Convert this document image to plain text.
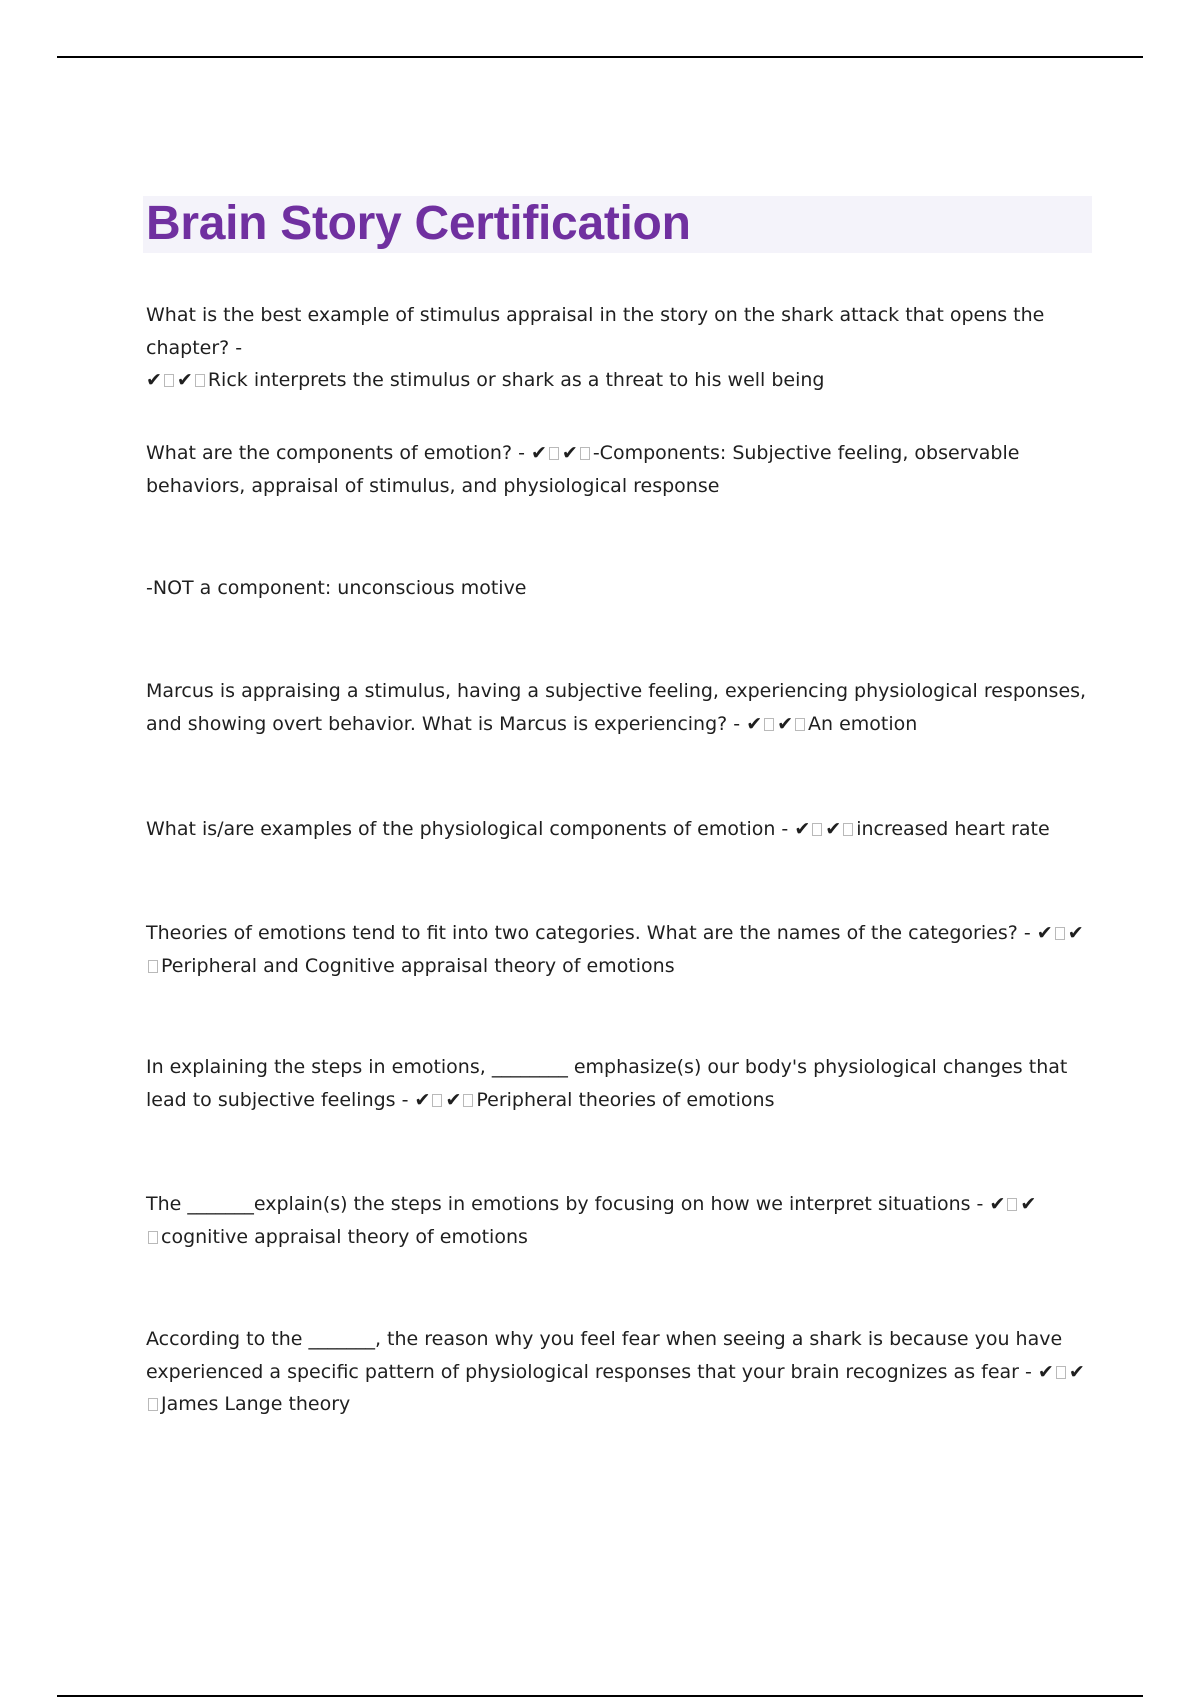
Brain Story Certification

What is the best example of stimulus appraisal in the story on the shark attack that opens the chapter? -
✔ ✔ Rick interprets the stimulus or shark as a threat to his well being

What are the components of emotion? - ✔ ✔ -Components: Subjective feeling, observable behaviors, appraisal of stimulus, and physiological response

-NOT a component: unconscious motive

Marcus is appraising a stimulus, having a subjective feeling, experiencing physiological responses, and showing overt behavior. What is Marcus is experiencing? - ✔ ✔ An emotion

What is/are examples of the physiological components of emotion - ✔ ✔ increased heart rate

Theories of emotions tend to fit into two categories. What are the names of the categories? - ✔ ✔
Peripheral and Cognitive appraisal theory of emotions

In explaining the steps in emotions, ________ emphasize(s) our body's physiological changes that lead to subjective feelings - ✔ ✔ Peripheral theories of emotions

The _______explain(s) the steps in emotions by focusing on how we interpret situations - ✔ ✔
cognitive appraisal theory of emotions

According to the _______, the reason why you feel fear when seeing a shark is because you have experienced a specific pattern of physiological responses that your brain recognizes as fear - ✔ ✔
James Lange theory
